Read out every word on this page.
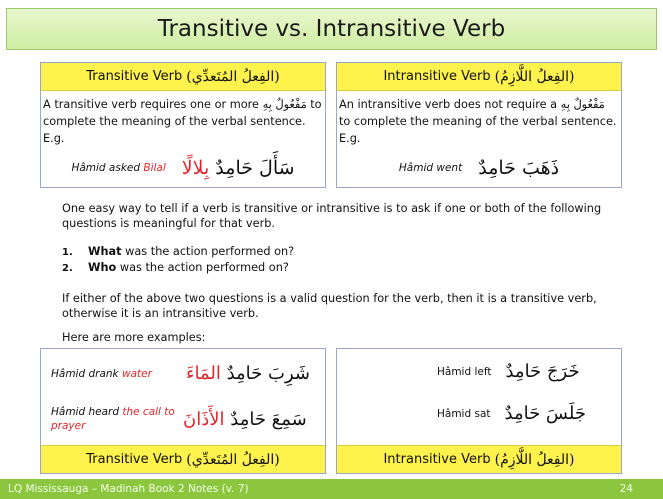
Transitive vs. Intransitive Verb
Transitive Verb (الفِعلُ المُتَعدِّي)
A transitive verb requires one or more مَفْعُولٌ بِهِ to complete the meaning of the verbal sentence. E.g.
Hâmid asked Bilal	سَأَلَ حَامِدٌ بِلالًا
Intransitive Verb (الفِعلُ اللَّازِمُ)
An intransitive verb does not require a مَفْعُولٌ بِهِ to complete the meaning of the verbal sentence. E.g.
Hâmid went ذَهَبَ حَامِدٌ
One easy way to tell if a verb is transitive or intransitive is to ask if one or both of the following questions is meaningful for that verb.
1. What was the action performed on?
2. Who was the action performed on?
If either of the above two questions is a valid question for the verb, then it is a transitive verb, otherwise it is an intransitive verb.
Here are more examples:
Hâmid drank water	شَرِبَ حَامِدٌ المَاءَ
Hâmid heard the call to prayer	سَمِعَ حَامِدٌ الأَذَانَ
Transitive Verb (الفِعلُ المُتَعدِّي)
Hâmid left خَرَجَ حَامِدٌ
Hâmid sat جَلَسَ حَامِدٌ
Intransitive Verb (الفِعلُ اللَّازِمُ)
LQ Mississauga – Madinah Book 2 Notes (v. 7)	24
